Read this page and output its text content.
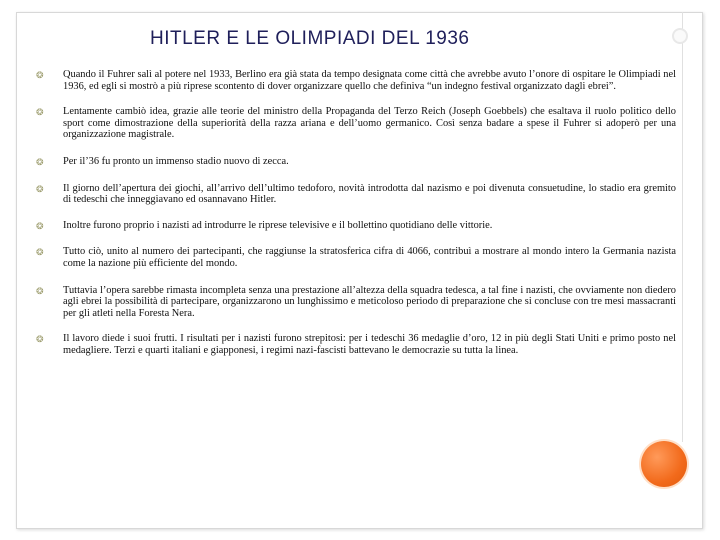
HITLER E LE OLIMPIADI DEL 1936
❂ Quando il Fuhrer salì al potere nel 1933, Berlino era già stata da tempo designata come città che avrebbe avuto l’onore di ospitare le Olimpiadi nel 1936, ed egli si mostrò a più riprese scontento di dover organizzare quello che definiva “un indegno festival organizzato dagli ebrei”.
❂ Lentamente cambiò idea, grazie alle teorie del ministro della Propaganda del Terzo Reich (Joseph Goebbels) che esaltava il ruolo politico dello sport come dimostrazione della superiorità della razza ariana e dell’uomo germanico. Così senza badare a spese il Fuhrer si adoperò per una organizzazione magistrale.
❂ Per il’36 fu pronto un immenso stadio nuovo di zecca.
❂ Il giorno dell’apertura dei giochi, all’arrivo dell’ultimo tedoforo, novità introdotta dal nazismo e poi divenuta consuetudine, lo stadio era gremito di tedeschi che inneggiavano ed osannavano Hitler.
❂ Inoltre furono proprio i nazisti ad introdurre le riprese televisive e il bollettino quotidiano delle vittorie.
❂ Tutto ciò, unito al numero dei partecipanti, che raggiunse la stratosferica cifra di 4066, contribuì a mostrare al mondo intero la Germania nazista come la nazione più efficiente del mondo.
❂ Tuttavia l’opera sarebbe rimasta incompleta senza una prestazione all’altezza della squadra tedesca, a tal fine i nazisti, che ovviamente non diedero agli ebrei la possibilità di partecipare, organizzarono un lunghissimo e meticoloso periodo di preparazione che si concluse con tre mesi massacranti per gli atleti nella Foresta Nera.
❂ Il lavoro diede i suoi frutti. I risultati per i nazisti furono strepitosi: per i tedeschi 36 medaglie d’oro, 12 in più degli Stati Uniti e primo posto nel medagliere. Terzi e quarti italiani e giapponesi, i regimi nazi-fascisti battevano le democrazie su tutta la linea.
